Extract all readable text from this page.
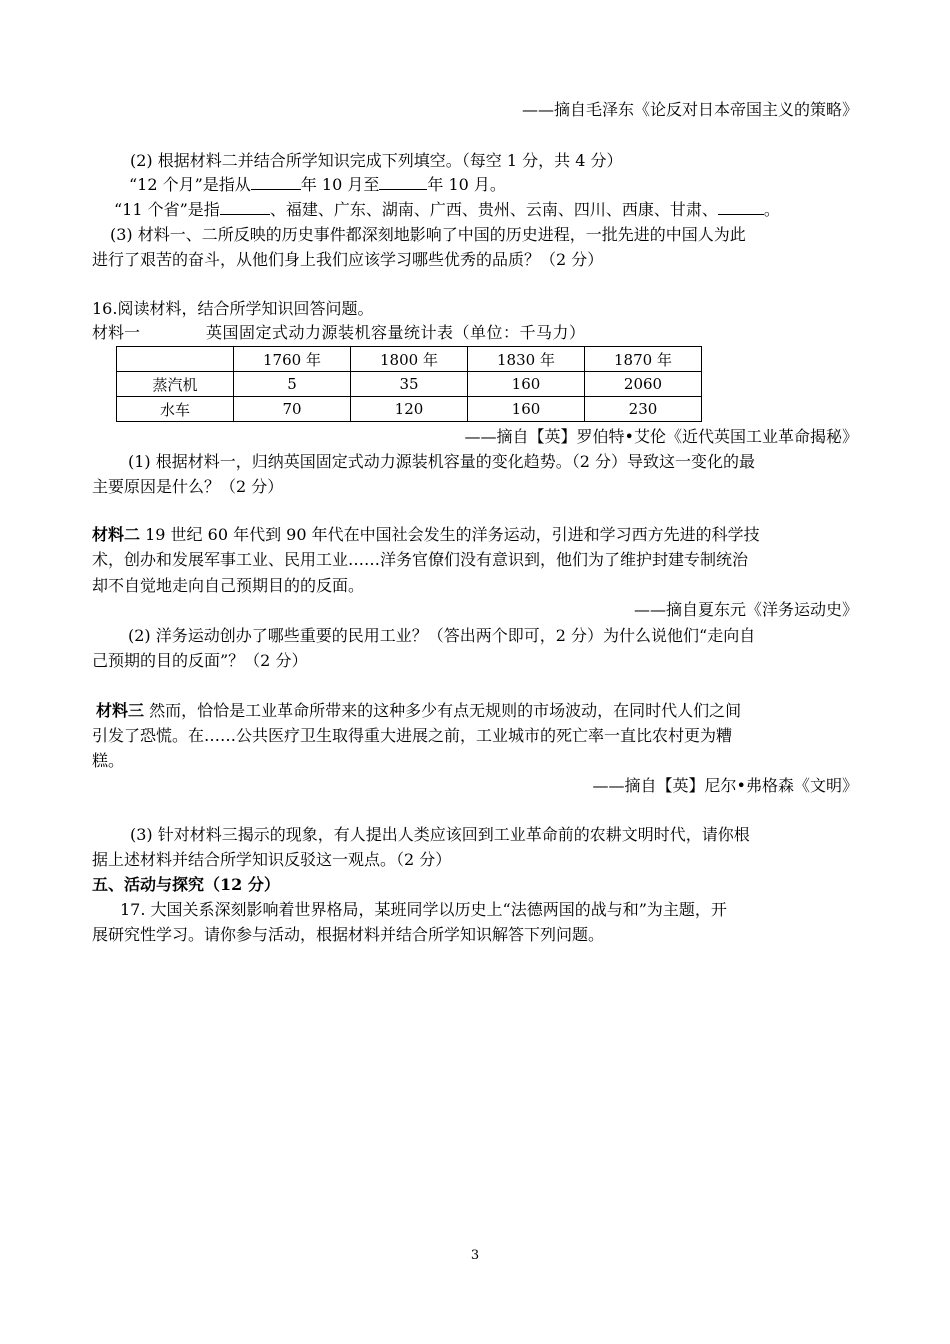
——摘自毛泽东《论反对日本帝国主义的策略》
(2) 根据材料二并结合所学知识完成下列填空。（每空 1 分，共 4 分）
“12 个月”是指从	年 10 月至	年 10 月。
“11 个省”是指	、福建、广东、湖南、广西、贵州、云南、四川、西康、甘肃、	。
(3) 材料一、二所反映的历史事件都深刻地影响了中国的历史进程，一批先进的中国人为此
进行了艰苦的奋斗，从他们身上我们应该学习哪些优秀的品质？（2 分）
16.阅读材料，结合所学知识回答问题。
材料一	英国固定式动力源装机容量统计表（单位：千马力）
	1760 年	1800 年	1830 年	1870 年
蒸汽机	5	35	160	2060
水车	70	120	160	230
——摘自【英】罗伯特•艾伦《近代英国工业革命揭秘》
(1) 根据材料一，归纳英国固定式动力源装机容量的变化趋势。（2 分）导致这一变化的最
主要原因是什么？（2 分）
材料二 19 世纪 60 年代到 90 年代在中国社会发生的洋务运动，引进和学习西方先进的科学技
术，创办和发展军事工业、民用工业……洋务官僚们没有意识到，他们为了维护封建专制统治
却不自觉地走向自己预期目的的反面。
——摘自夏东元《洋务运动史》
(2) 洋务运动创办了哪些重要的民用工业？（答出两个即可，2 分）为什么说他们“走向自
己预期的目的反面”？（2 分）
材料三 然而，恰恰是工业革命所带来的这种多少有点无规则的市场波动，在同时代人们之间
引发了恐慌。在……公共医疗卫生取得重大进展之前，工业城市的死亡率一直比农村更为糟
糕。
——摘自【英】尼尔•弗格森《文明》
(3) 针对材料三揭示的现象，有人提出人类应该回到工业革命前的农耕文明时代，请你根
据上述材料并结合所学知识反驳这一观点。（2 分）
五、活动与探究（12 分）
17. 大国关系深刻影响着世界格局，某班同学以历史上“法德两国的战与和”为主题，开
展研究性学习。请你参与活动，根据材料并结合所学知识解答下列问题。
3
